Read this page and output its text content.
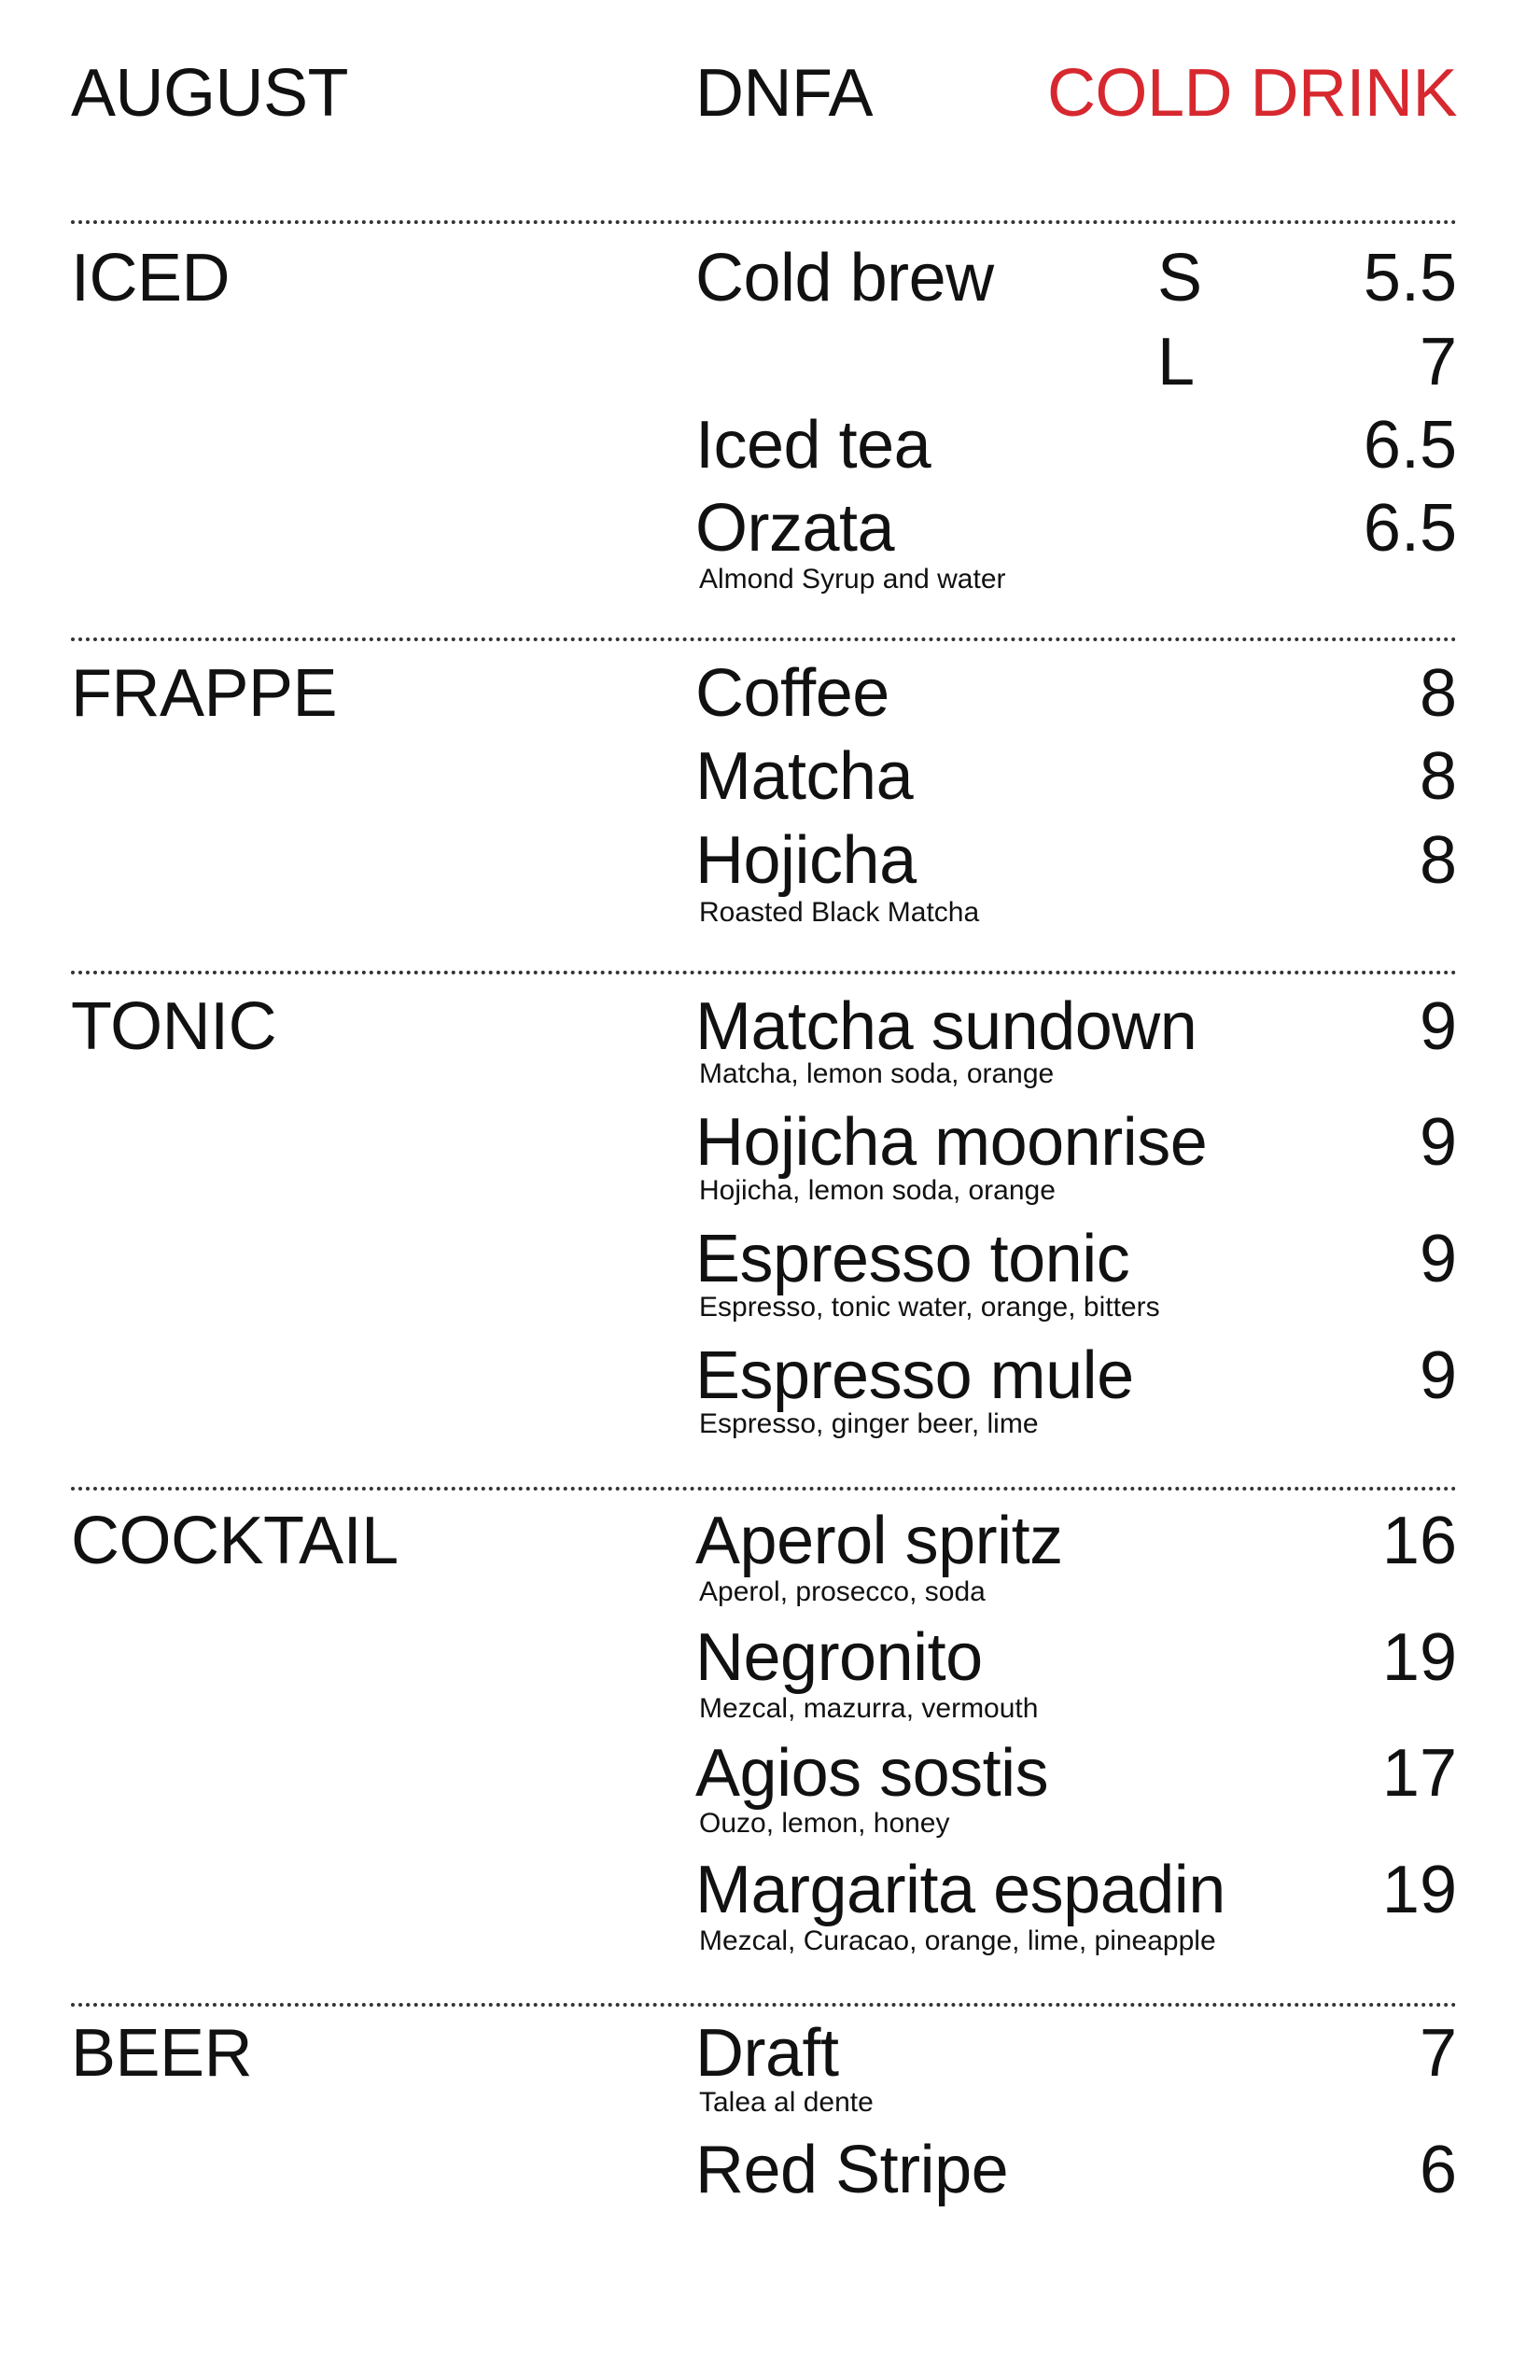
AUGUST	DNFA	COLD DRINK
ICED	Cold brew S 5.5
L	7
Iced tea	6.5
Orzata	6.5
Almond Syrup and water
FRAPPE	Coffee	8
Matcha	8
Hojicha	8
Roasted Black Matcha
TONIC	Matcha sundown	9
Matcha, lemon soda, orange
Hojicha moonrise	9
Hojicha, lemon soda, orange
Espresso tonic	9
Espresso, tonic water, orange, bitters
Espresso mule	9
Espresso, ginger beer, lime
COCKTAIL	Aperol spritz	16
Aperol, prosecco, soda
Negronito	19
Mezcal, mazurra, vermouth
Agios sostis	17
Ouzo, lemon, honey
Margarita espadin 19
Mezcal, Curacao, orange, lime, pineapple
BEER	Draft	7
Talea al dente
Red Stripe	6
